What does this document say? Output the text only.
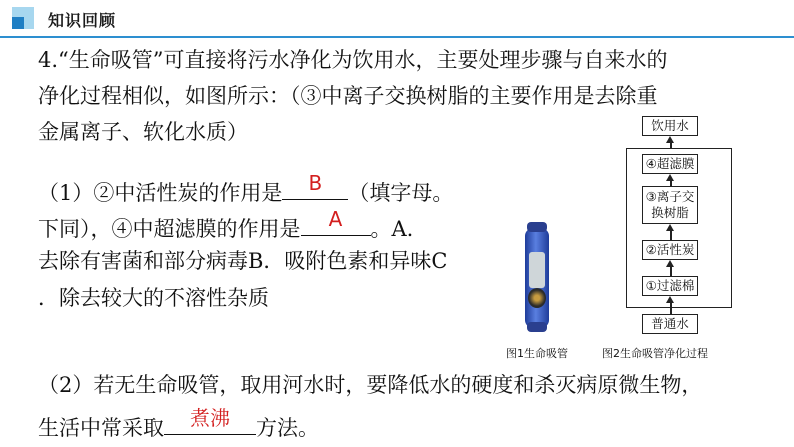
知识回顾
4.“生命吸管”可直接将污水净化为饮用水，主要处理步骤与自来水的
净化过程相似，如图所示：（③中离子交换树脂的主要作用是去除重
金属离子、软化水质）
（1）②中活性炭的作用是 B （填字母。
下同），④中超滤膜的作用是 A 。A.
去除有害菌和部分病毒B．吸附色素和异味C
．除去较大的不溶性杂质
饮用水
④超滤膜
③离子交
换树脂
②活性炭
①过滤棉
普通水
图1生命吸管	图2生命吸管净化过程
（2）若无生命吸管，取用河水时，要降低水的硬度和杀灭病原微生物，
生活中常采取 煮沸 方法。
